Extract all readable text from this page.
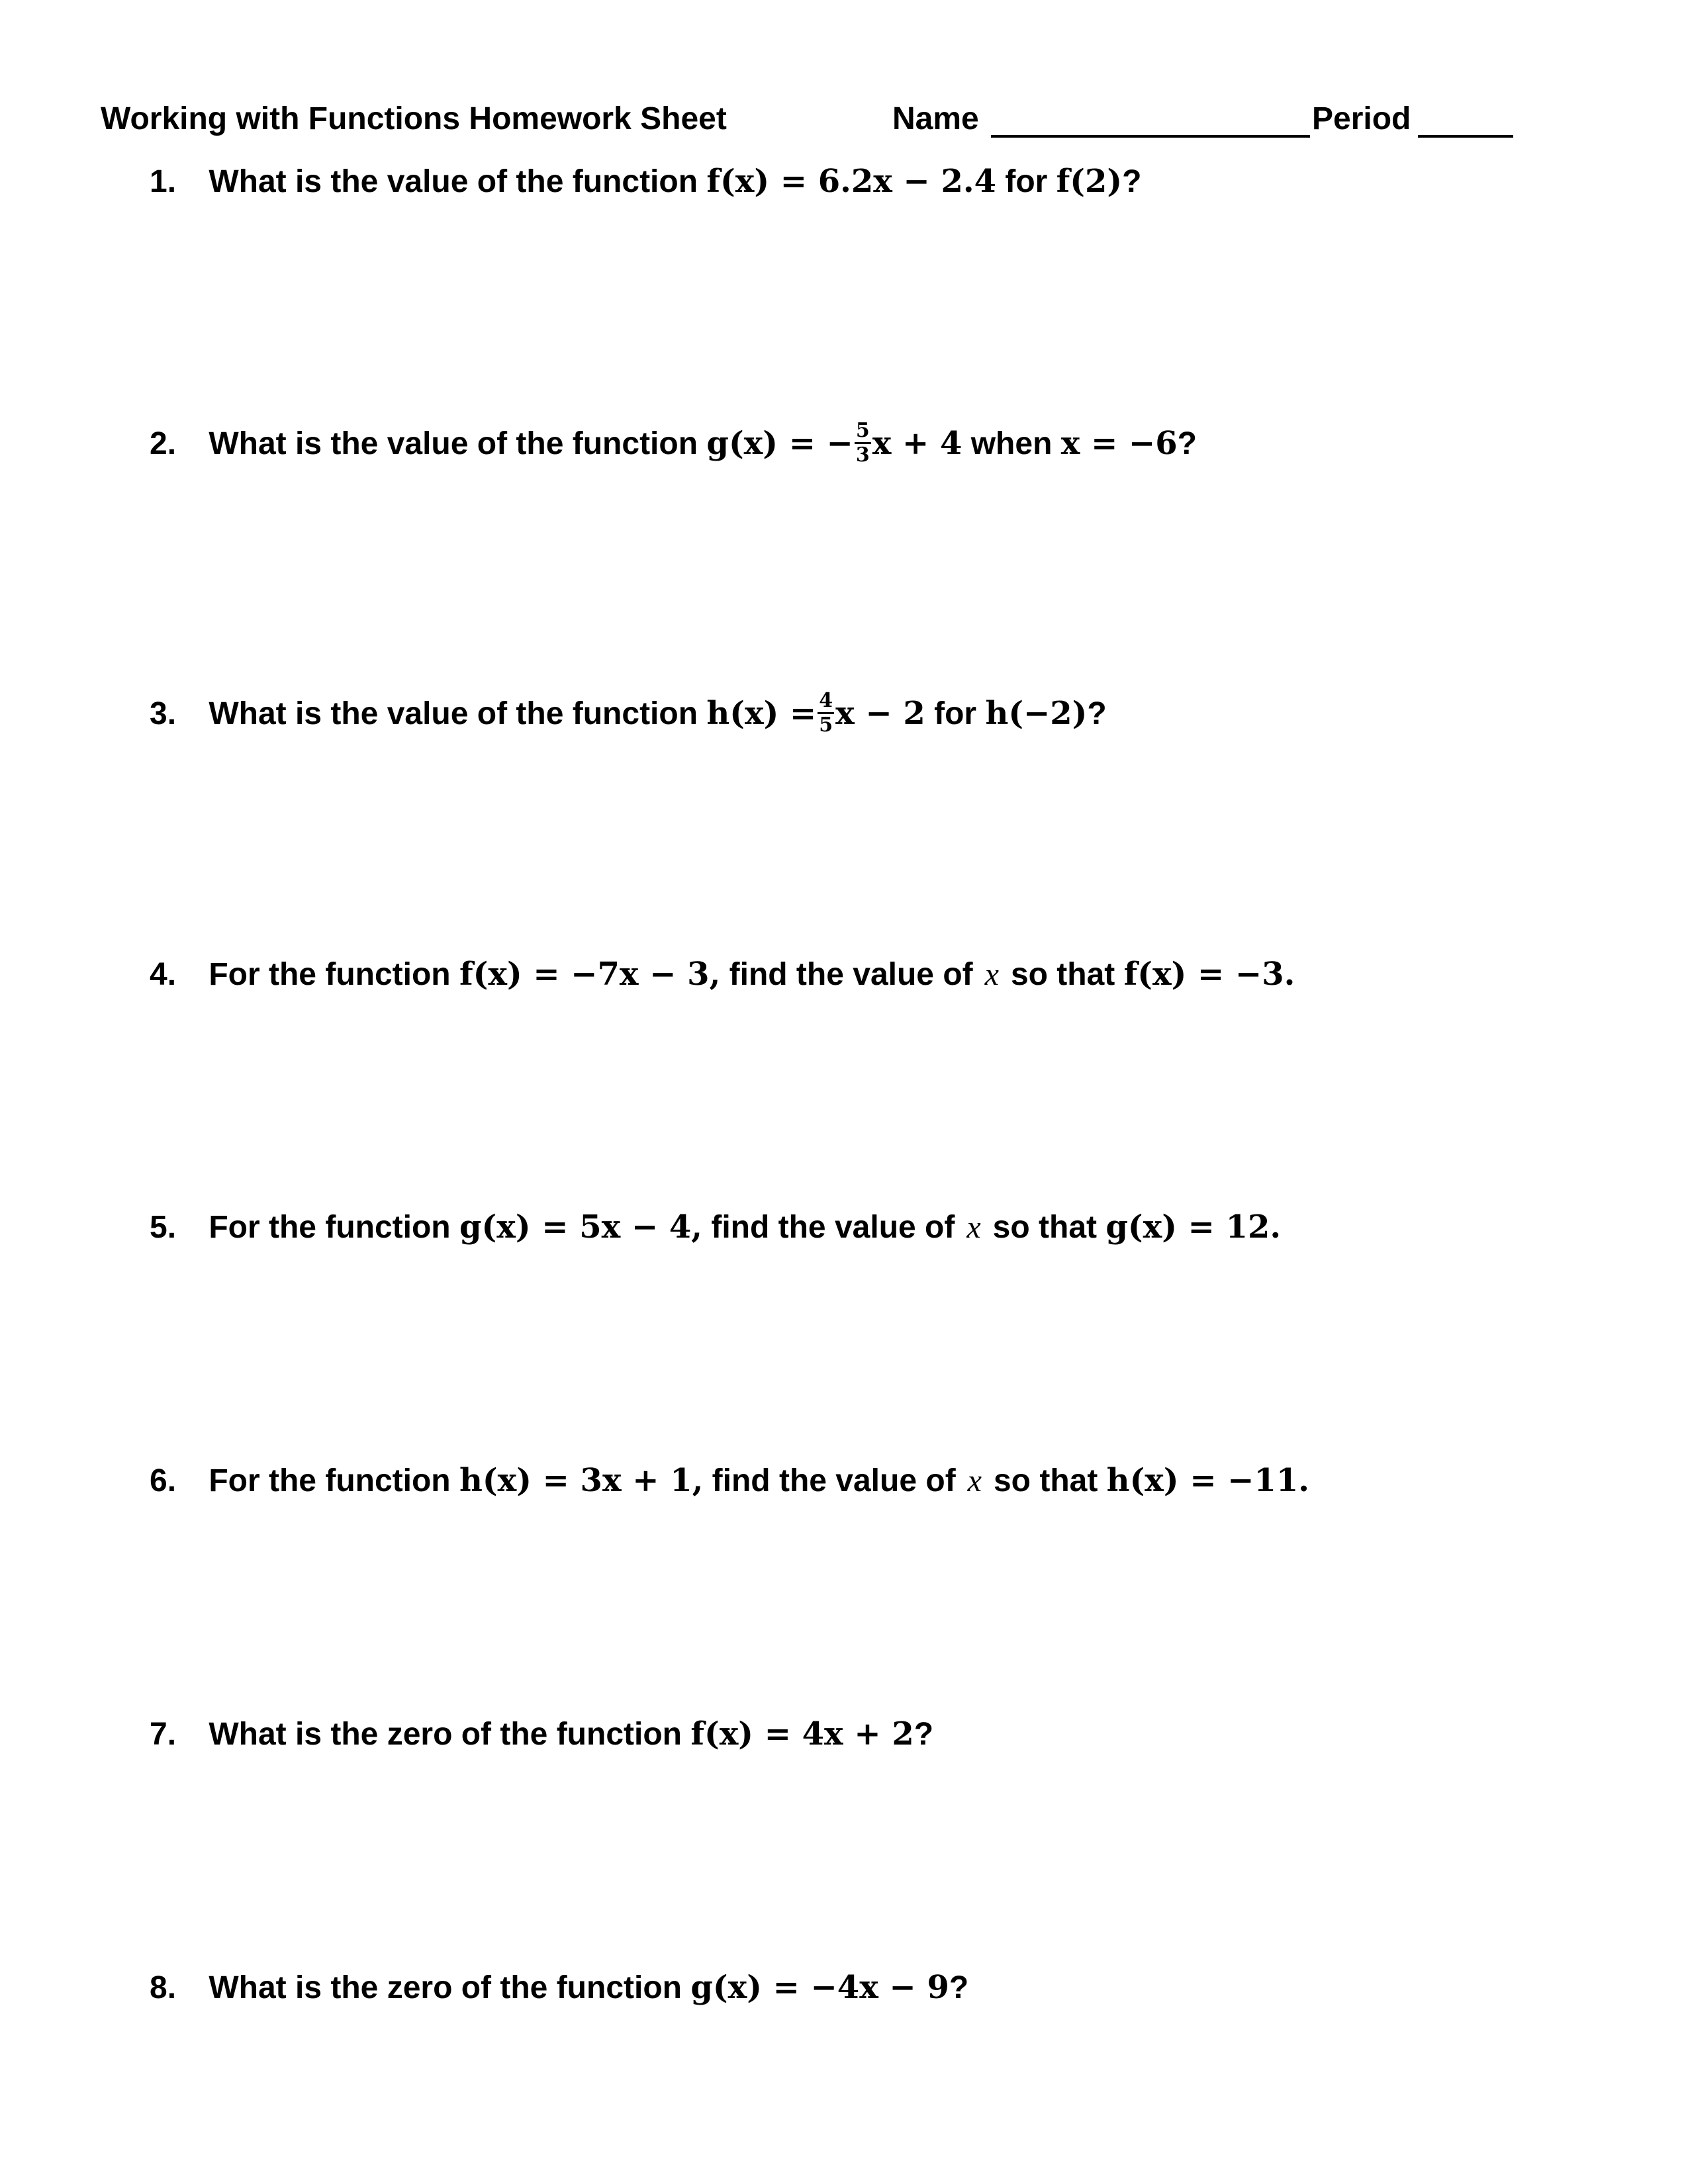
Working with Functions Homework Sheet	Name	Period
1. What is the value of the function f(x) = 6.2x − 2.4 for f(2)?
2. What is the value of the function g(x) = − $\frac{5}{3}$ x + 4 when x = −6?
3. What is the value of the function $h(x) = \frac{4}{5}$ x − 2 for h(−2)?
4. For the function f(x) = −7x − 3, find the value of x so that f(x) = −3.
5. For the function g(x) = 5x − 4, find the value of x so that g(x) = 12.
6. For the function h(x) = 3x + 1, find the value of x so that h(x) = −11.
7. What is the zero of the function f(x) = 4x + 2?
8. What is the zero of the function g(x) = −4x − 9?
